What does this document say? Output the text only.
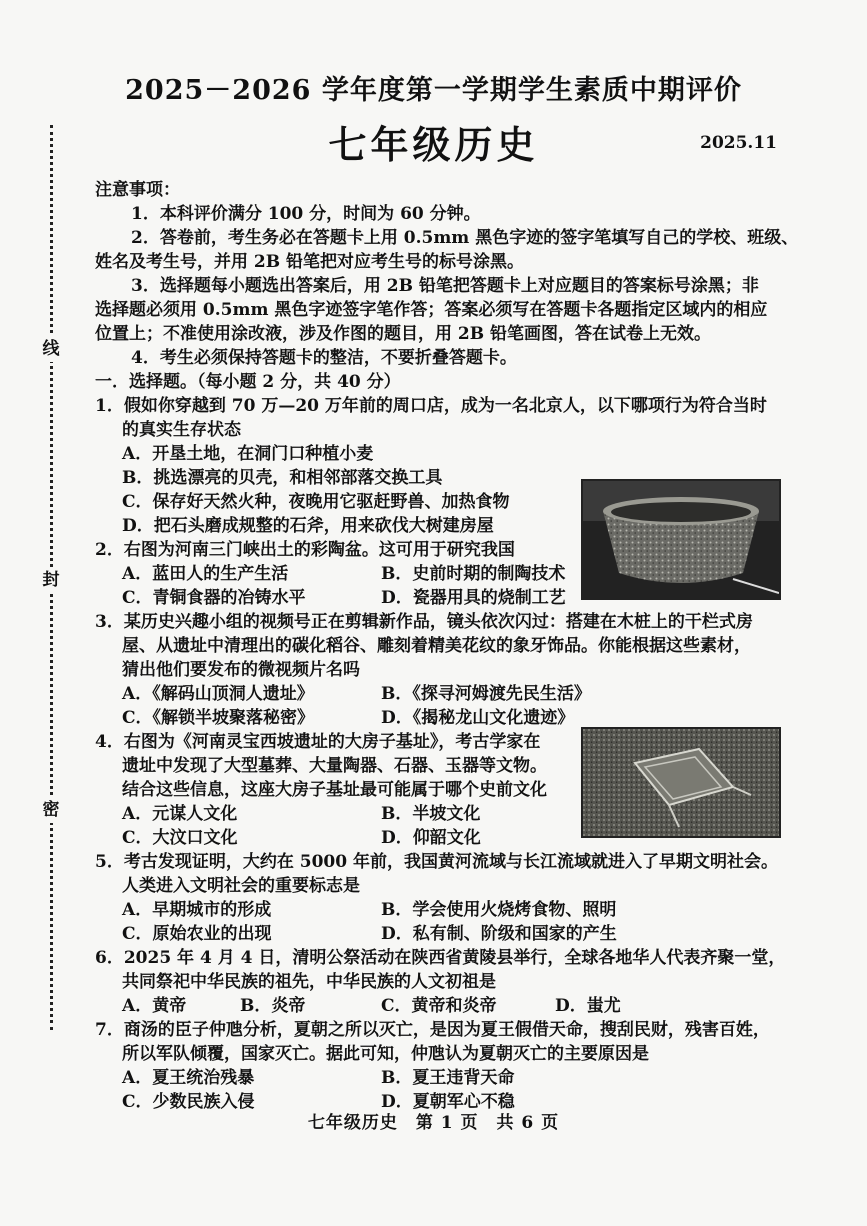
线
封
密
2025－2026 学年度第一学期学生素质中期评价
七年级历史	2025.11
注意事项：
1．本科评价满分 100 分，时间为 60 分钟。
2．答卷前，考生务必在答题卡上用 0.5mm 黑色字迹的签字笔填写自己的学校、班级、
姓名及考生号，并用 2B 铅笔把对应考生号的标号涂黑。
3．选择题每小题选出答案后，用 2B 铅笔把答题卡上对应题目的答案标号涂黑；非
选择题必须用 0.5mm 黑色字迹签字笔作答；答案必须写在答题卡各题指定区域内的相应
位置上；不准使用涂改液，涉及作图的题目，用 2B 铅笔画图，答在试卷上无效。
4．考生必须保持答题卡的整洁，不要折叠答题卡。
一．选择题。（每小题 2 分，共 40 分）
1．假如你穿越到 70 万—20 万年前的周口店，成为一名北京人，以下哪项行为符合当时
的真实生存状态
A．开垦土地，在洞门口种植小麦
B．挑选漂亮的贝壳，和相邻部落交换工具
C．保存好天然火种，夜晚用它驱赶野兽、加热食物
D．把石头磨成规整的石斧，用来砍伐大树建房屋
2．右图为河南三门峡出土的彩陶盆。这可用于研究我国
A．蓝田人的生产生活	B．史前时期的制陶技术
C．青铜食器的冶铸水平	D．瓷器用具的烧制工艺
3．某历史兴趣小组的视频号正在剪辑新作品，镜头依次闪过：搭建在木桩上的干栏式房
屋、从遗址中清理出的碳化稻谷、雕刻着精美花纹的象牙饰品。你能根据这些素材，
猜出他们要发布的微视频片名吗
A．《解码山顶洞人遗址》	B．《探寻河姆渡先民生活》
C．《解锁半坡聚落秘密》	D．《揭秘龙山文化遗迹》
4．右图为《河南灵宝西坡遗址的大房子基址》，考古学家在
遗址中发现了大型墓葬、大量陶器、石器、玉器等文物。
结合这些信息，这座大房子基址最可能属于哪个史前文化
A．元谋人文化	B．半坡文化
C．大汶口文化	D．仰韶文化
5．考古发现证明，大约在 5000 年前，我国黄河流域与长江流域就进入了早期文明社会。
人类进入文明社会的重要标志是
A．早期城市的形成	B．学会使用火烧烤食物、照明
C．原始农业的出现	D．私有制、阶级和国家的产生
6．2025 年 4 月 4 日，清明公祭活动在陕西省黄陵县举行，全球各地华人代表齐聚一堂，
共同祭祀中华民族的祖先，中华民族的人文初祖是
A．黄帝	B．炎帝	C．黄帝和炎帝	D．蚩尤
7．商汤的臣子仲虺分析，夏朝之所以灭亡，是因为夏王假借天命，搜刮民财，残害百姓，
所以军队倾覆，国家灭亡。据此可知，仲虺认为夏朝灭亡的主要原因是
A．夏王统治残暴	B．夏王违背天命
C．少数民族入侵	D．夏朝军心不稳
七年级历史　第 1 页　共 6 页
